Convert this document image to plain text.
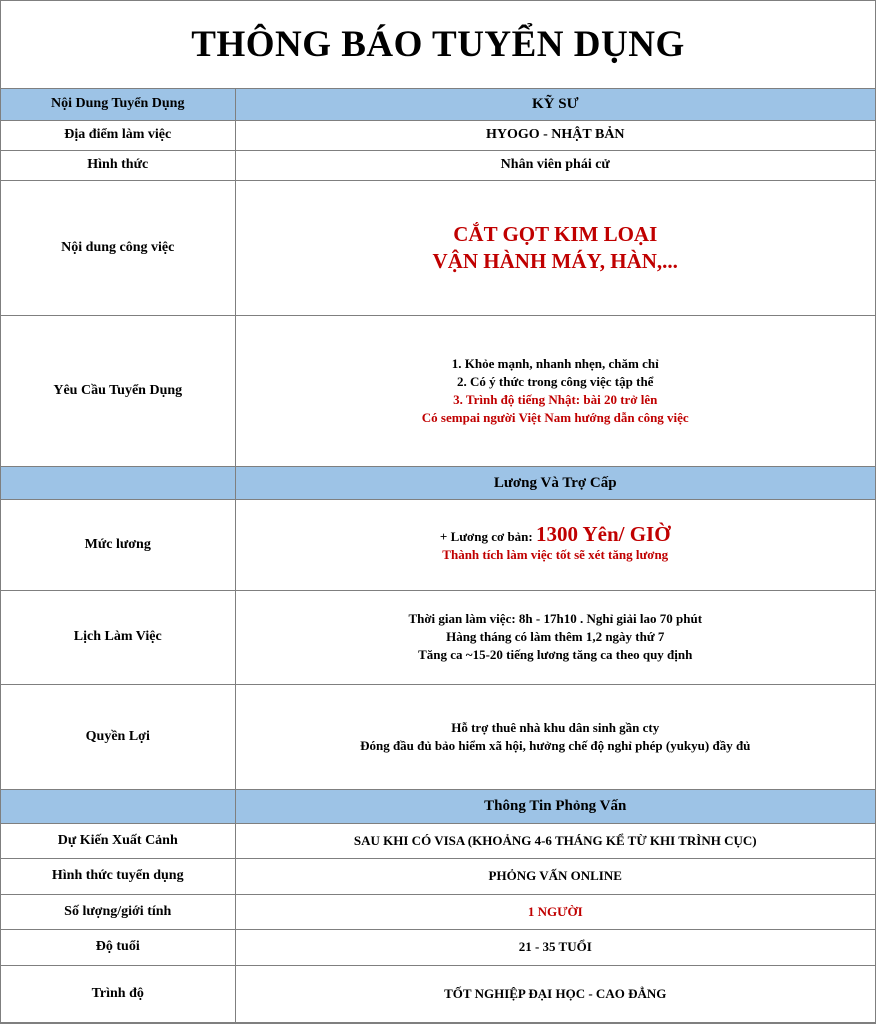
THÔNG BÁO TUYỂN DỤNG
Nội Dung Tuyển Dụng	KỸ SƯ
Địa điểm làm việc	HYOGO - NHẬT BẢN
Hình thức	Nhân viên phái cử
Nội dung công việc	CẮT GỌT KIM LOẠI
VẬN HÀNH MÁY, HÀN,...

Yêu Cầu Tuyển Dụng	1. Khỏe mạnh, nhanh nhẹn, chăm chỉ
2. Có ý thức trong công việc tập thể
3. Trình độ tiếng Nhật: bài 20 trở lên
Có sempai người Việt Nam hướng dẫn công việc

	Lương Và Trợ Cấp
Mức lương	+ Lương cơ bản: 1300 Yên/ GIỜ
Thành tích làm việc tốt sẽ xét tăng lương

Lịch Làm Việc	Thời gian làm việc: 8h - 17h10 . Nghỉ giải lao 70 phút
Hàng tháng có làm thêm 1,2 ngày thứ 7
Tăng ca ~15-20 tiếng lương tăng ca theo quy định

Quyền Lợi	Hỗ trợ thuê nhà khu dân sinh gần cty
Đóng đầu đủ bảo hiểm xã hội, hưởng chế độ nghỉ phép (yukyu) đầy đủ

	Thông Tin Phỏng Vấn
Dự Kiến Xuất Cảnh	SAU KHI CÓ VISA (KHOẢNG 4-6 THÁNG KỂ TỪ KHI TRÌNH CỤC)
Hình thức tuyển dụng	PHỎNG VẤN ONLINE
Số lượng/giới tính	1 NGƯỜI
Độ tuổi	21 - 35 TUỔI
Trình độ	TỐT NGHIỆP ĐẠI HỌC - CAO ĐẲNG
